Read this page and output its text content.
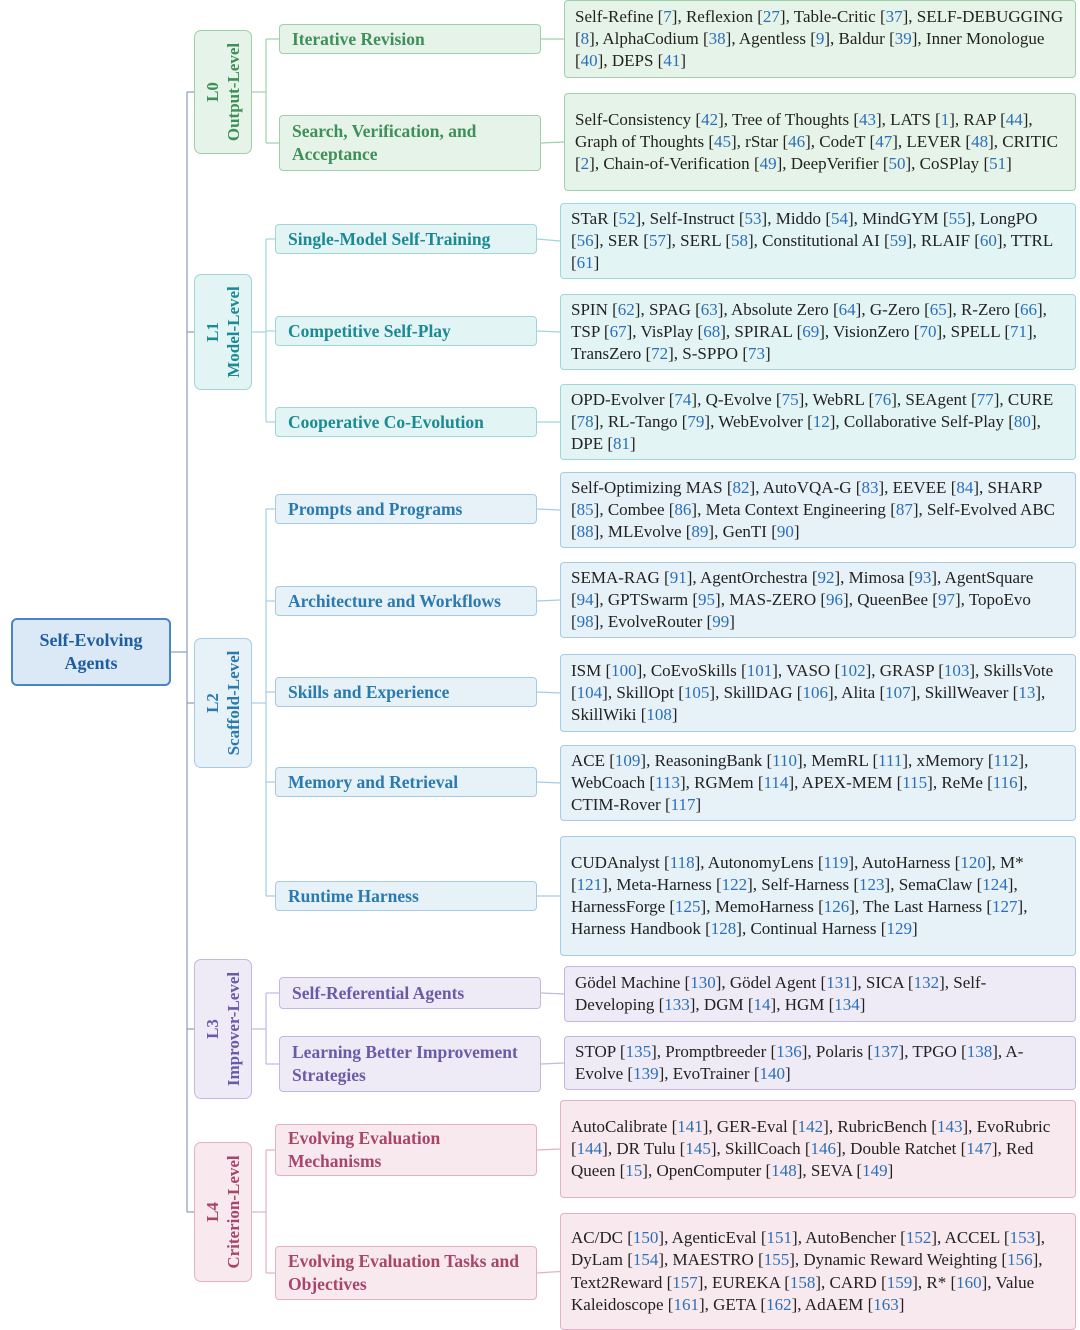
Self-Evolving
Agents
L0 Output-Level
Iterative Revision
Self-Refine [7], Reflexion [27], Table-Critic [37], SELF-DEBUGGING [8], AlphaCodium [38], Agentless [9], Baldur [39], Inner Monologue [40], DEPS [41]
Search, Verification, and Acceptance
Self-Consistency [42], Tree of Thoughts [43], LATS [1], RAP [44], Graph of Thoughts [45], rStar [46], CodeT [47], LEVER [48], CRITIC [2], Chain-of-Verification [49], DeepVerifier [50], CoSPlay [51]
L1 Model-Level
Single-Model Self-Training
STaR [52], Self-Instruct [53], Middo [54], MindGYM [55], LongPO [56], SER [57], SERL [58], Constitutional AI [59], RLAIF [60], TTRL [61]
Competitive Self-Play
SPIN [62], SPAG [63], Absolute Zero [64], G-Zero [65], R-Zero [66], TSP [67], VisPlay [68], SPIRAL [69], VisionZero [70], SPELL [71], TransZero [72], S-SPPO [73]
Cooperative Co-Evolution
OPD-Evolver [74], Q-Evolve [75], WebRL [76], SEAgent [77], CURE [78], RL-Tango [79], WebEvolver [12], Collaborative Self-Play [80], DPE [81]
L2 Scaffold-Level
Prompts and Programs
Self-Optimizing MAS [82], AutoVQA-G [83], EEVEE [84], SHARP [85], Combee [86], Meta Context Engineering [87], Self-Evolved ABC [88], MLEvolve [89], GenTI [90]
Architecture and Workflows
SEMA-RAG [91], AgentOrchestra [92], Mimosa [93], AgentSquare [94], GPTSwarm [95], MAS-ZERO [96], QueenBee [97], TopoEvo [98], EvolveRouter [99]
Skills and Experience
ISM [100], CoEvoSkills [101], VASO [102], GRASP [103], SkillsVote [104], SkillOpt [105], SkillDAG [106], Alita [107], SkillWeaver [13], SkillWiki [108]
Memory and Retrieval
ACE [109], ReasoningBank [110], MemRL [111], xMemory [112], WebCoach [113], RGMem [114], APEX-MEM [115], ReMe [116], CTIM-Rover [117]
Runtime Harness
CUDAnalyst [118], AutonomyLens [119], AutoHarness [120], M* [121], Meta-Harness [122], Self-Harness [123], SemaClaw [124], HarnessForge [125], MemoHarness [126], The Last Harness [127], Harness Handbook [128], Continual Harness [129]
L3 Improver-Level	Self-Referential Agents
Gödel Machine [130], Gödel Agent [131], SICA [132], Self-Developing [133], DGM [14], HGM [134]
Learning Better Improvement Strategies
STOP [135], Promptbreeder [136], Polaris [137], TPGO [138], A-Evolve [139], EvoTrainer [140]
L4 Criterion-Level
Evolving Evaluation Mechanisms
AutoCalibrate [141], GER-Eval [142], RubricBench [143], EvoRubric [144], DR Tulu [145], SkillCoach [146], Double Ratchet [147], Red Queen [15], OpenComputer [148], SEVA [149]
Evolving Evaluation Tasks and Objectives
AC/DC [150], AgenticEval [151], AutoBencher [152], ACCEL [153], DyLam [154], MAESTRO [155], Dynamic Reward Weighting [156], Text2Reward [157], EUREKA [158], CARD [159], R* [160], Value Kaleidoscope [161], GETA [162], AdAEM [163]
